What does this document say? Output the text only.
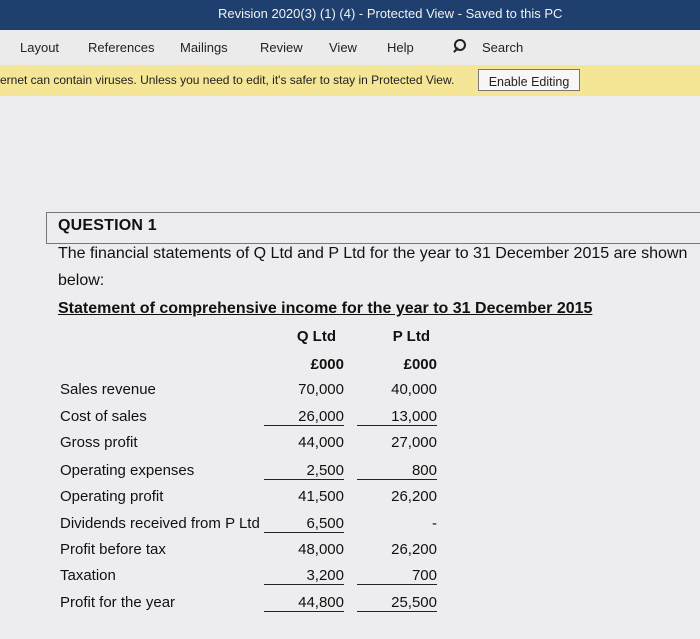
Revision 2020(3) (1) (4) - Protected View - Saved to this PC
Layout References Mailings Review View Help	Search
ernet can contain viruses. Unless you need to edit, it's safer to stay in Protected View.	Enable Editing
QUESTION 1
The financial statements of Q Ltd and P Ltd for the year to 31 December 2015 are shown
below:
Statement of comprehensive income for the year to 31 December 2015
Q Ltd	P Ltd
£000	£000
Sales revenue	70,000	40,000
Cost of sales	26,000	13,000
Gross profit	44,000	27,000
Operating expenses	2,500	800
Operating profit	41,500	26,200
Dividends received from P Ltd	6,500	-
Profit before tax	48,000	26,200
Taxation	3,200	700
Profit for the year	44,800	25,500
